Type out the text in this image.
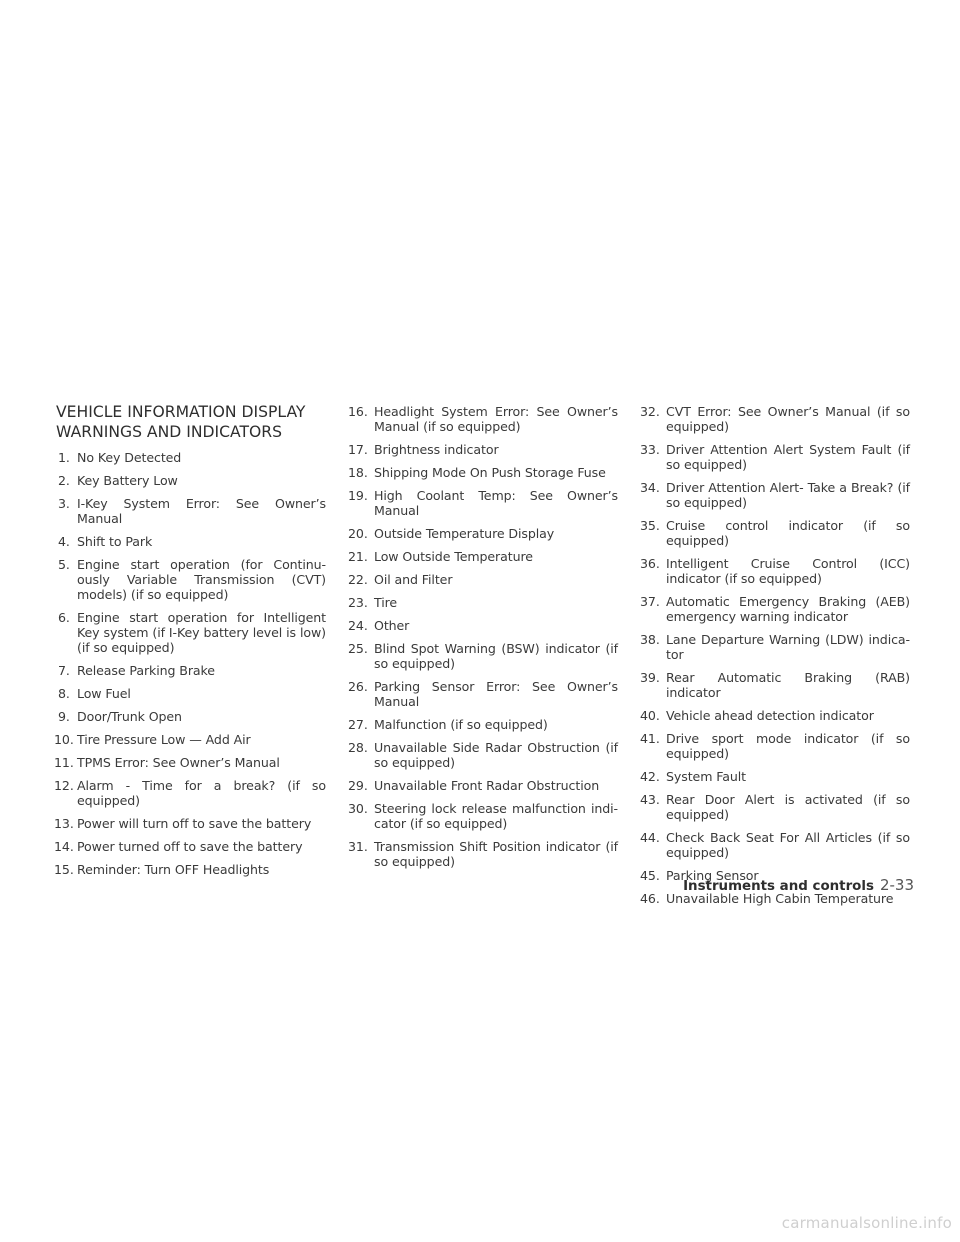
VEHICLE INFORMATION DISPLAY
WARNINGS AND INDICATORS
1. No Key Detected
2. Key Battery Low
3. I-Key System Error: See Owner’s Manual
4. Shift to Park
5. Engine start operation (for Continu-ously Variable Transmission (CVT) models) (if so equipped)
6. Engine start operation for Intelligent Key system (if I-Key battery level is low) (if so equipped)
7. Release Parking Brake
8. Low Fuel
9. Door/Trunk Open
10. Tire Pressure Low — Add Air
11. TPMS Error: See Owner’s Manual
12. Alarm - Time for a break? (if so equipped)
13. Power will turn off to save the battery
14. Power turned off to save the battery
15. Reminder: Turn OFF Headlights
16. Headlight System Error: See Owner’s Manual (if so equipped)
17. Brightness indicator
18. Shipping Mode On Push Storage Fuse
19. High Coolant Temp: See Owner’s Manual
20. Outside Temperature Display
21. Low Outside Temperature
22. Oil and Filter
23. Tire
24. Other
25. Blind Spot Warning (BSW) indicator (if so equipped)
26. Parking Sensor Error: See Owner’s Manual
27. Malfunction (if so equipped)
28. Unavailable Side Radar Obstruction (if so equipped)
29. Unavailable Front Radar Obstruction
30. Steering lock release malfunction indi-cator (if so equipped)
31. Transmission Shift Position indicator (if so equipped)
32. CVT Error: See Owner’s Manual (if so equipped)
33. Driver Attention Alert System Fault (if so equipped)
34. Driver Attention Alert- Take a Break? (if so equipped)
35. Cruise control indicator (if so equipped)
36. Intelligent Cruise Control (ICC) indicator (if so equipped)
37. Automatic Emergency Braking (AEB) emergency warning indicator
38. Lane Departure Warning (LDW) indica-tor
39. Rear Automatic Braking (RAB) indicator
40. Vehicle ahead detection indicator
41. Drive sport mode indicator (if so equipped)
42. System Fault
43. Rear Door Alert is activated (if so equipped)
44. Check Back Seat For All Articles (if so equipped)
45. Parking Sensor
46. Unavailable High Cabin Temperature
Instruments and controls 2-33
carmanualsonline.info
